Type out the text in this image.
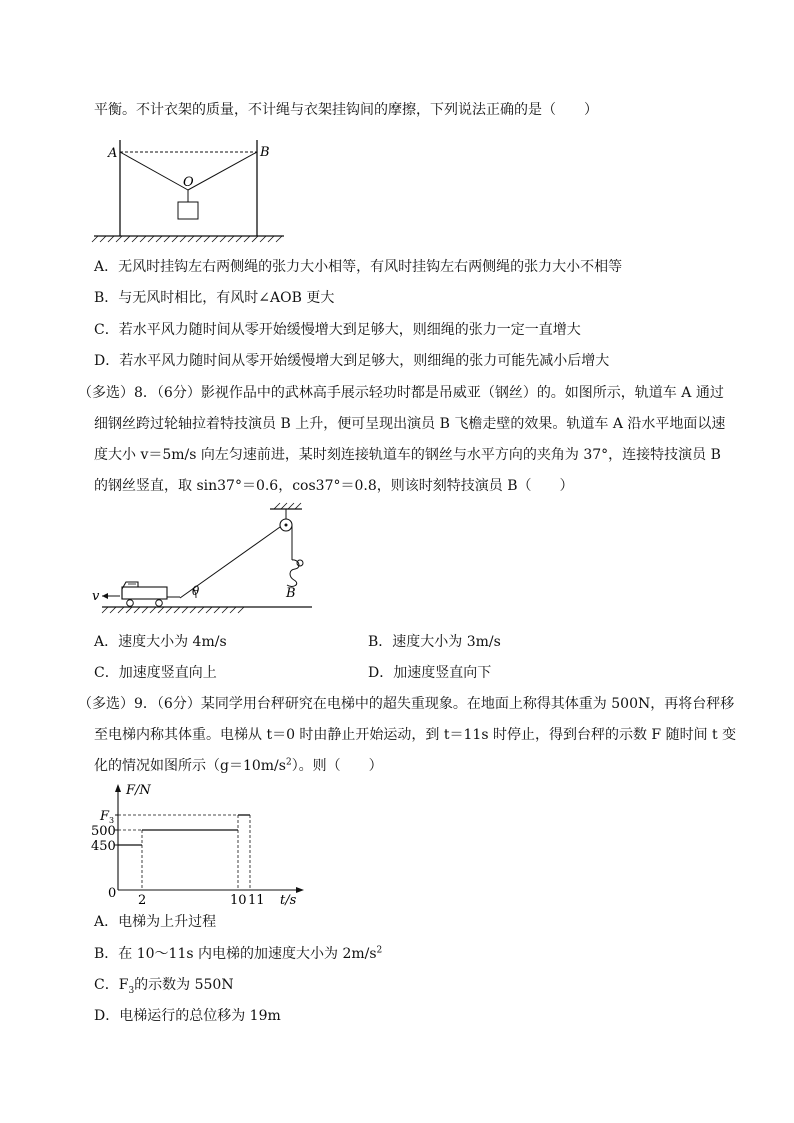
平衡。不计衣架的质量，不计绳与衣架挂钩间的摩擦，下列说法正确的是（　　）
A	B
O
A．无风时挂钩左右两侧绳的张力大小相等，有风时挂钩左右两侧绳的张力大小不相等
B．与无风时相比，有风时∠AOB 更大
C．若水平风力随时间从零开始缓慢增大到足够大，则细绳的张力一定一直增大
D．若水平风力随时间从零开始缓慢增大到足够大，则细绳的张力可能先减小后增大
（多选）8．（6分）影视作品中的武林高手展示轻功时都是吊威亚（钢丝）的。如图所示，轨道车 A 通过
细钢丝跨过轮轴拉着特技演员 B 上升，便可呈现出演员 B 飞檐走壁的效果。轨道车 A 沿水平地面以速
度大小 v＝5m/s 向左匀速前进，某时刻连接轨道车的钢丝与水平方向的夹角为 37°，连接特技演员 B
的钢丝竖直，取 sin37°＝0.6，cos37°＝0.8，则该时刻特技演员 B（　　）
v	θ	B
A．速度大小为 4m/s	B．速度大小为 3m/s
C．加速度竖直向上	D．加速度竖直向下
（多选）9．（6分）某同学用台秤研究在电梯中的超失重现象。在地面上称得其体重为 500N，再将台秤移
至电梯内称其体重。电梯从 t＝0 时由静止开始运动，到 t＝11s 时停止，得到台秤的示数 F 随时间 t 变
化的情况如图所示$(g=10m/s^2)$。则（　　）
F/N
t/s
0 2	10 11
450
500
F 3
A．电梯为上升过程
B．在 10～11s 内电梯的加速度大小为 $2m/s^2$
C．$F_3$的示数为 550N
D．电梯运行的总位移为 19m
